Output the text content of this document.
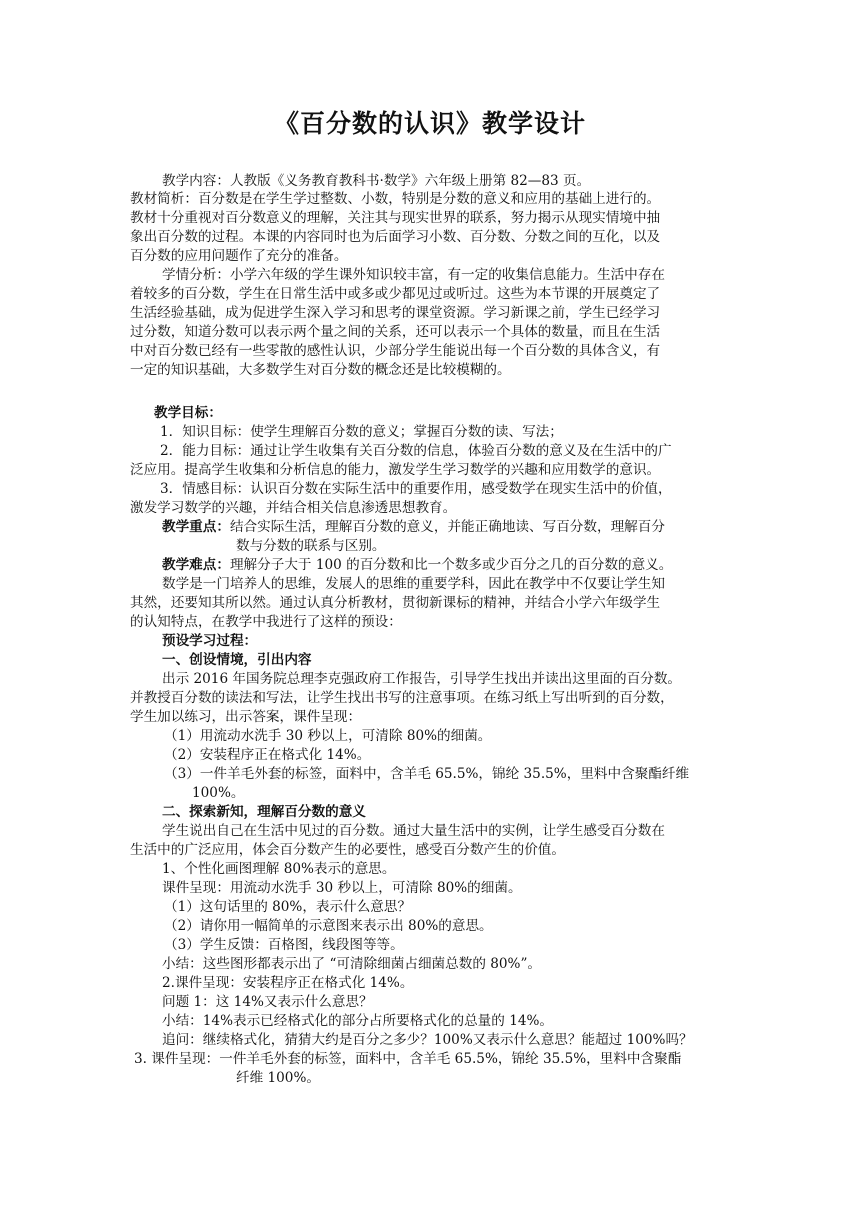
《百分数的认识》教学设计
教学内容：人教版《义务教育教科书·数学》六年级上册第 82—83 页。
教材简析：百分数是在学生学过整数、小数，特别是分数的意义和应用的基础上进行的。
教材十分重视对百分数意义的理解，关注其与现实世界的联系，努力揭示从现实情境中抽
象出百分数的过程。本课的内容同时也为后面学习小数、百分数、分数之间的互化，以及
百分数的应用问题作了充分的准备。
学情分析：小学六年级的学生课外知识较丰富，有一定的收集信息能力。生活中存在
着较多的百分数，学生在日常生活中或多或少都见过或听过。这些为本节课的开展奠定了
生活经验基础，成为促进学生深入学习和思考的课堂资源。学习新课之前，学生已经学习
过分数，知道分数可以表示两个量之间的关系，还可以表示一个具体的数量，而且在生活
中对百分数已经有一些零散的感性认识，少部分学生能说出每一个百分数的具体含义，有
一定的知识基础，大多数学生对百分数的概念还是比较模糊的。
教学目标：
1．知识目标：使学生理解百分数的意义；掌握百分数的读、写法；
2．能力目标：通过让学生收集有关百分数的信息，体验百分数的意义及在生活中的广
泛应用。提高学生收集和分析信息的能力，激发学生学习数学的兴趣和应用数学的意识。
3．情感目标：认识百分数在实际生活中的重要作用，感受数学在现实生活中的价值，
激发学习数学的兴趣，并结合相关信息渗透思想教育。
教学重点：结合实际生活，理解百分数的意义，并能正确地读、写百分数，理解百分
数与分数的联系与区别。
教学难点：理解分子大于 100 的百分数和比一个数多或少百分之几的百分数的意义。
数学是一门培养人的思维，发展人的思维的重要学科，因此在教学中不仅要让学生知
其然，还要知其所以然。通过认真分析教材，贯彻新课标的精神，并结合小学六年级学生
的认知特点，在教学中我进行了这样的预设：
预设学习过程：
一、创设情境，引出内容
出示 2016 年国务院总理李克强政府工作报告，引导学生找出并读出这里面的百分数。
并教授百分数的读法和写法，让学生找出书写的注意事项。在练习纸上写出听到的百分数，
学生加以练习，出示答案，课件呈现：
（1）用流动水洗手 30 秒以上，可清除 80%的细菌。
（2）安装程序正在格式化 14%。
（3）一件羊毛外套的标签，面料中，含羊毛 65.5%，锦纶 35.5%，里料中含聚酯纤维
100%。
二、探索新知，理解百分数的意义
学生说出自己在生活中见过的百分数。通过大量生活中的实例，让学生感受百分数在
生活中的广泛应用，体会百分数产生的必要性，感受百分数产生的价值。
1、个性化画图理解 80%表示的意思。
课件呈现：用流动水洗手 30 秒以上，可清除 80%的细菌。
（1）这句话里的 80%，表示什么意思？
（2）请你用一幅简单的示意图来表示出 80%的意思。
（3）学生反馈：百格图，线段图等等。
小结：这些图形都表示出了 “可清除细菌占细菌总数的 80%”。
2.课件呈现：安装程序正在格式化 14%。
问题 1：这 14%又表示什么意思？
小结：14%表示已经格式化的部分占所要格式化的总量的 14%。
追问：继续格式化，猜猜大约是百分之多少？100%又表示什么意思？能超过 100%吗？
3. 课件呈现：一件羊毛外套的标签，面料中，含羊毛 65.5%，锦纶 35.5%，里料中含聚酯
纤维 100%。
